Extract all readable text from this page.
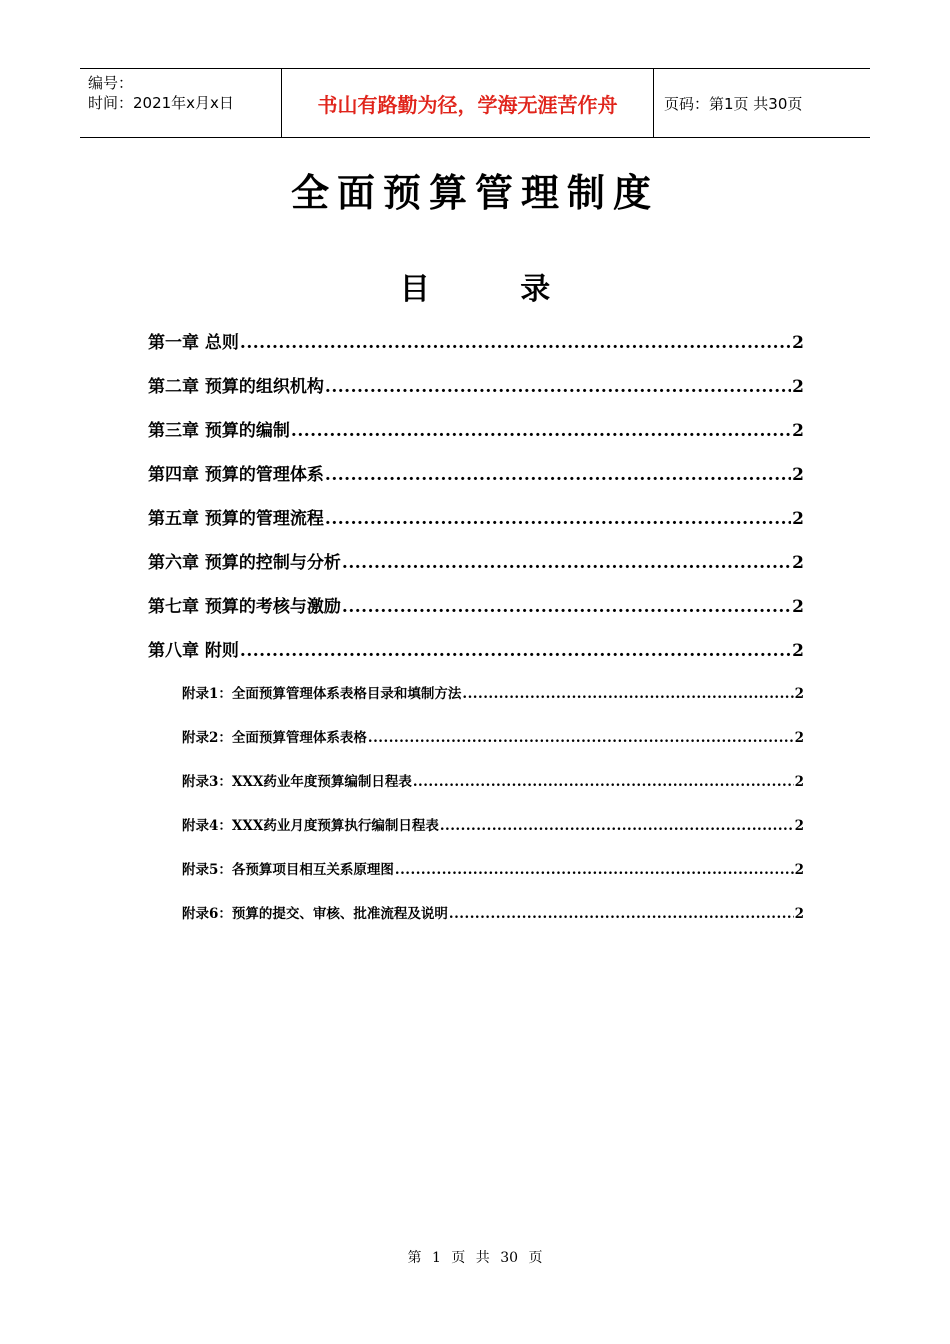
编号：
时间：2021年x月x日	书山有路勤为径，学海无涯苦作舟	页码：第1页 共30页
全面预算管理制度
目 录
第一章 总则 .....	2
第二章 预算的组织机构 .....	2
第三章 预算的编制 .....	2
第四章 预算的管理体系 .....	2
第五章 预算的管理流程 .....	2
第六章 预算的控制与分析 .....	2
第七章 预算的考核与激励 .....	2
第八章 附则 .....	2
附录1：全面预算管理体系表格目录和填制方法 .....	2
附录2：全面预算管理体系表格 .....	2
附录3：XXX药业年度预算编制日程表 .....	2
附录4：XXX药业月度预算执行编制日程表 .....	2
附录5：各预算项目相互关系原理图 .....	2
附录6：预算的提交、审核、批准流程及说明 .....	2
第 1 页 共 30 页
